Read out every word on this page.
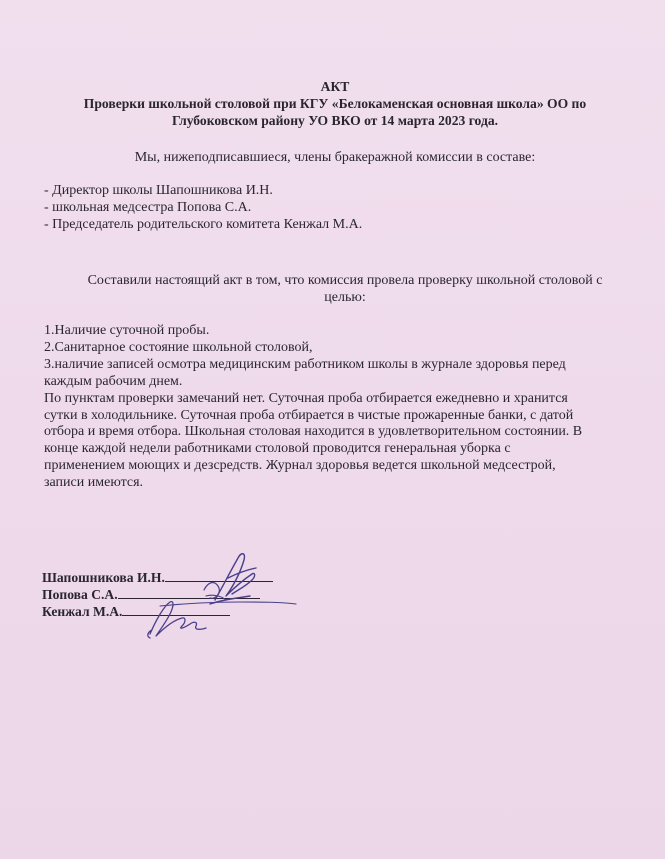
АКТ
Проверки школьной столовой при КГУ «Белокаменская основная школа» ОО по
Глубоковском району УО ВКО от 14 марта 2023 года.
Мы, нижеподписавшиеся, члены бракеражной комиссии в составе:
- Директор школы Шапошникова И.Н.
- школьная медсестра Попова С.А.
- Председатель родительского комитета Кенжал М.А.
Составили настоящий акт в том, что комиссия провела проверку школьной столовой с
целью:
1.Наличие суточной пробы.
2.Санитарное состояние школьной столовой,
3.наличие записей осмотра медицинским работником школы в журнале здоровья перед
каждым рабочим днем.
По пунктам проверки замечаний нет. Суточная проба отбирается ежедневно и хранится
сутки в холодильнике. Суточная проба отбирается в чистые прожаренные банки, с датой
отбора и время отбора. Школьная столовая находится в удовлетворительном состоянии. В
конце каждой недели работниками столовой проводится генеральная уборка с
применением моющих и дезсредств. Журнал здоровья ведется школьной медсестрой,
записи имеются.
Шапошникова И.Н.
Попова С.А.
Кенжал М.А.
